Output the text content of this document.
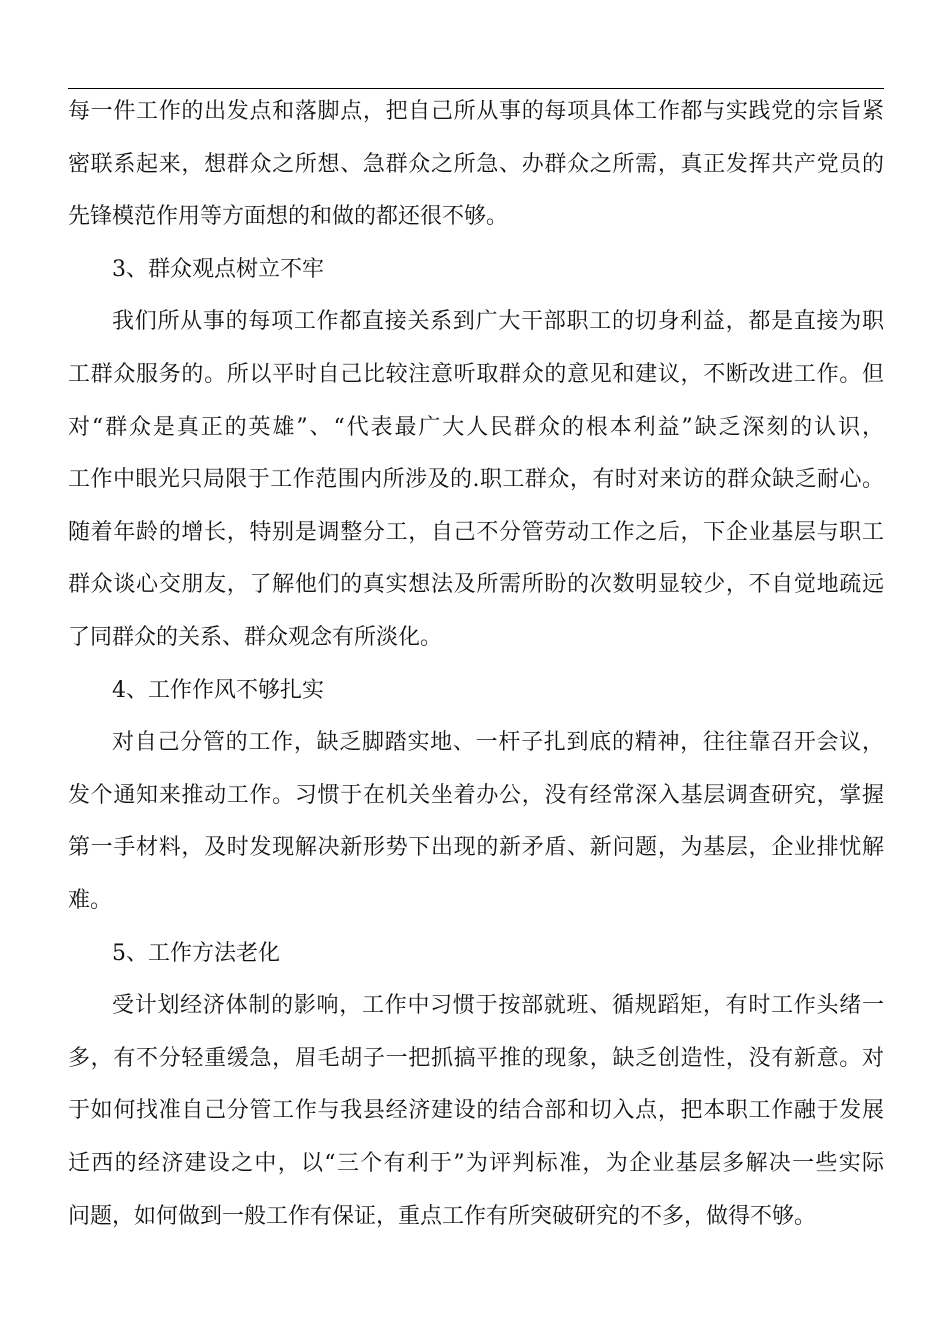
每一件工作的出发点和落脚点，把自己所从事的每项具体工作都与实践党的宗旨紧
密联系起来，想群众之所想、急群众之所急、办群众之所需，真正发挥共产党员的
先锋模范作用等方面想的和做的都还很不够。
3、群众观点树立不牢
我们所从事的每项工作都直接关系到广大干部职工的切身利益，都是直接为职
工群众服务的。所以平时自己比较注意听取群众的意见和建议，不断改进工作。但
对“群众是真正的英雄”、“代表最广大人民群众的根本利益”缺乏深刻的认识，
工作中眼光只局限于工作范围内所涉及的.职工群众，有时对来访的群众缺乏耐心。
随着年龄的增长，特别是调整分工，自己不分管劳动工作之后，下企业基层与职工
群众谈心交朋友，了解他们的真实想法及所需所盼的次数明显较少，不自觉地疏远
了同群众的关系、群众观念有所淡化。
4、工作作风不够扎实
对自己分管的工作，缺乏脚踏实地、一杆子扎到底的精神，往往靠召开会议，
发个通知来推动工作。习惯于在机关坐着办公，没有经常深入基层调查研究，掌握
第一手材料，及时发现解决新形势下出现的新矛盾、新问题，为基层，企业排忧解
难。
5、工作方法老化
受计划经济体制的影响，工作中习惯于按部就班、循规蹈矩，有时工作头绪一
多，有不分轻重缓急，眉毛胡子一把抓搞平推的现象，缺乏创造性，没有新意。对
于如何找准自己分管工作与我县经济建设的结合部和切入点，把本职工作融于发展
迁西的经济建设之中，以“三个有利于”为评判标准，为企业基层多解决一些实际
问题，如何做到一般工作有保证，重点工作有所突破研究的不多，做得不够。
